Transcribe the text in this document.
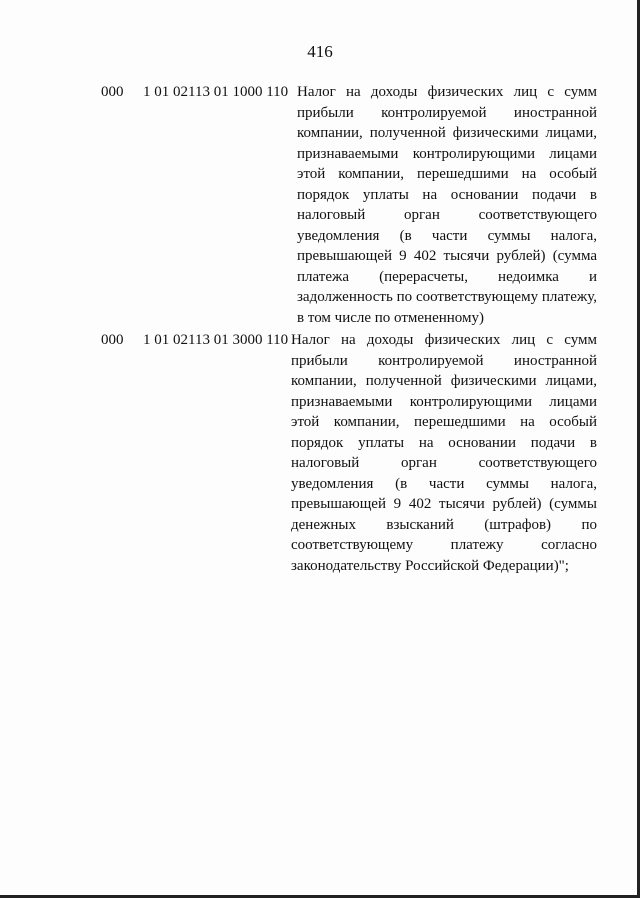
416
000 1 01 02113 01 1000 110 Налог на доходы физических лиц с сумм
прибыли контролируемой иностранной
компании, полученной физическими лицами,
признаваемыми контролирующими лицами
этой компании, перешедшими на особый
порядок уплаты на основании подачи в
налоговый орган соответствующего
уведомления (в части суммы налога,
превышающей 9 402 тысячи рублей) (сумма
платежа (перерасчеты, недоимка и
задолженность по соответствующему платежу,
в том числе по отмененному)
000 1 01 02113 01 3000 110 Налог на доходы физических лиц с сумм
прибыли контролируемой иностранной
компании, полученной физическими лицами,
признаваемыми контролирующими лицами
этой компании, перешедшими на особый
порядок уплаты на основании подачи в
налоговый орган соответствующего
уведомления (в части суммы налога,
превышающей 9 402 тысячи рублей) (суммы
денежных взысканий (штрафов) по
соответствующему платежу согласно
законодательству Российской Федерации)";
